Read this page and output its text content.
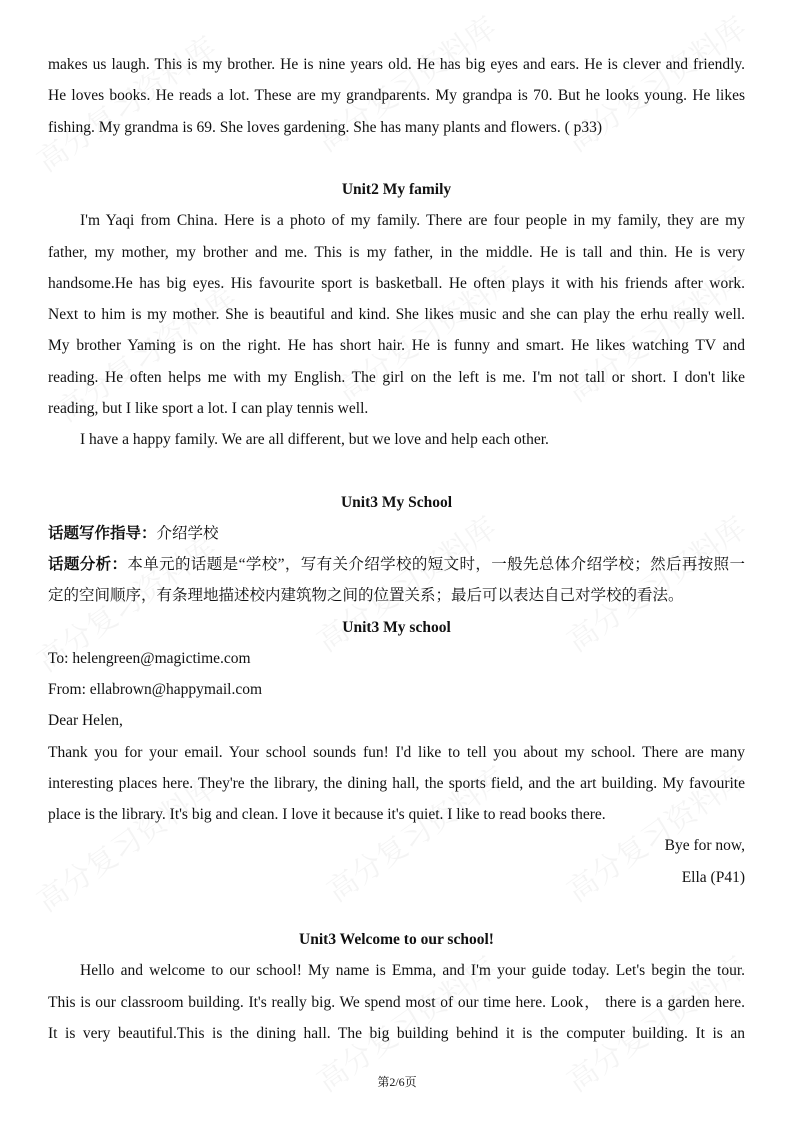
makes us laugh. This is my brother. He is nine years old. He has big eyes and ears. He is clever and friendly.
He loves books. He reads a lot. These are my grandparents. My grandpa is 70. But he looks young. He likes
fishing. My grandma is 69. She loves gardening. She has many plants and flowers. ( p33)
Unit2 My family
I'm Yaqi from China. Here is a photo of my family. There are four people in my family, they are my
father, my mother, my brother and me. This is my father, in the middle. He is tall and thin. He is very
handsome.He has big eyes. His favourite sport is basketball. He often plays it with his friends after work.
Next to him is my mother. She is beautiful and kind. She likes music and she can play the erhu really well.
My brother Yaming is on the right. He has short hair. He is funny and smart. He likes watching TV and
reading. He often helps me with my English. The girl on the left is me. I'm not tall or short. I don't like
reading, but I like sport a lot. I can play tennis well.
I have a happy family. We are all different, but we love and help each other.
Unit3 My School
话题写作指导：介绍学校
话题分析：本单元的话题是“学校”，写有关介绍学校的短文时，一般先总体介绍学校；然后再按照一
定的空间顺序，有条理地描述校内建筑物之间的位置关系；最后可以表达自己对学校的看法。
Unit3 My school
To: helengreen@magictime.com
From: ellabrown@happymail.com
Dear Helen,
Thank you for your email. Your school sounds fun! I'd like to tell you about my school. There are many
interesting places here. They're the library, the dining hall, the sports field, and the art building. My favourite
place is the library. It's big and clean. I love it because it's quiet. I like to read books there.
Bye for now,
Ella (P41)
Unit3 Welcome to our school!
Hello and welcome to our school! My name is Emma, and I'm your guide today. Let's begin the tour.
This is our classroom building. It's really big. We spend most of our time here. Look， there is a garden here.
It is very beautiful.This is the dining hall. The big building behind it is the computer building. It is an
第2/6页
